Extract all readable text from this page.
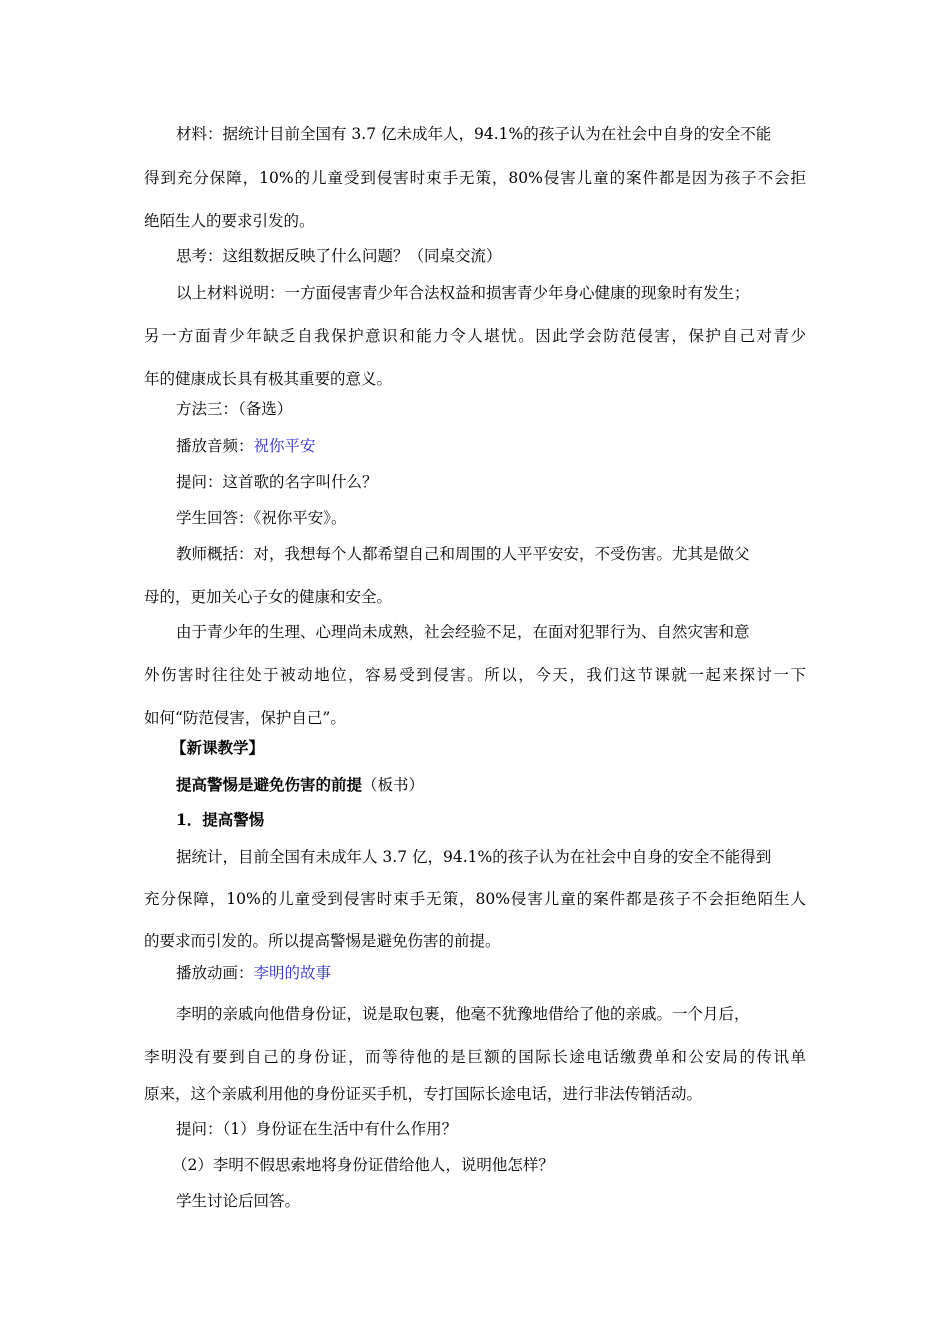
材料：据统计目前全国有 3.7 亿未成年人，94.1%的孩子认为在社会中自身的安全不能
得到充分保障，10%的儿童受到侵害时束手无策，80%侵害儿童的案件都是因为孩子不会拒
绝陌生人的要求引发的。
思考：这组数据反映了什么问题？（同桌交流）
以上材料说明：一方面侵害青少年合法权益和损害青少年身心健康的现象时有发生；
另一方面青少年缺乏自我保护意识和能力令人堪忧。因此学会防范侵害，保护自己对青少
年的健康成长具有极其重要的意义。
方法三：（备选）
播放音频：祝你平安
提问：这首歌的名字叫什么？
学生回答：《祝你平安》。
教师概括：对，我想每个人都希望自己和周围的人平平安安，不受伤害。尤其是做父
母的，更加关心子女的健康和安全。
由于青少年的生理、心理尚未成熟，社会经验不足，在面对犯罪行为、自然灾害和意
外伤害时往往处于被动地位，容易受到侵害。所以，今天，我们这节课就一起来探讨一下
如何“防范侵害，保护自己”。
【新课教学】
提高警惕是避免伤害的前提（板书）
1．提高警惕
据统计，目前全国有未成年人 3.7 亿，94.1%的孩子认为在社会中自身的安全不能得到
充分保障，10%的儿童受到侵害时束手无策，80%侵害儿童的案件都是孩子不会拒绝陌生人
的要求而引发的。所以提高警惕是避免伤害的前提。
播放动画：李明的故事
李明的亲戚向他借身份证，说是取包裹，他毫不犹豫地借给了他的亲戚。一个月后，
李明没有要到自己的身份证，而等待他的是巨额的国际长途电话缴费单和公安局的传讯单
原来，这个亲戚利用他的身份证买手机，专打国际长途电话，进行非法传销活动。
提问：（1）身份证在生活中有什么作用？
（2）李明不假思索地将身份证借给他人，说明他怎样？
学生讨论后回答。
